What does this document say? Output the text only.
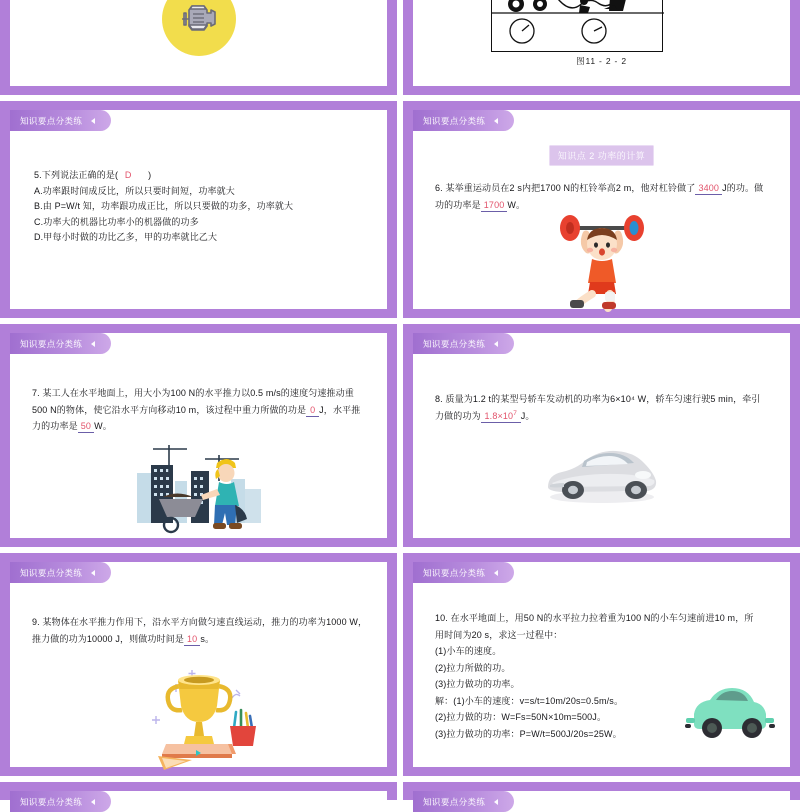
图11 - 2 - 2
知识要点分类练

5.下列说法正确的是( D )

A.功率跟时间成反比，所以只要时间短，功率就大

B.由 P=W/t 知，功率跟功成正比，所以只要做的功多，功率就大

C.功率大的机器比功率小的机器做的功多

D.甲每小时做的功比乙多，甲的功率就比乙大

知识要点分类练
知识点 2 功率的计算

6. 某举重运动员在2 s内把1700 N的杠铃举高2 m，他对杠铃做了 3400 J的功。做

功的功率是 1700 W。

知识要点分类练

7. 某工人在水平地面上，用大小为100 N的水平推力以0.5 m/s的速度匀速推动重

500 N的物体，使它沿水平方向移动10 m，该过程中重力所做的功是 0 J，水平推

力的功率是 50 W。

知识要点分类练

8. 质量为1.2 t的某型号轿车发动机的功率为6×10⁴ W，轿车匀速行驶5 min，牵引

力做的功为 $1.8\times 10^7$ J。

知识要点分类练

9. 某物体在水平推力作用下，沿水平方向做匀速直线运动，推力的功率为1000 W，

推力做的功为10000 J，则做功时间是 10 s。

知识要点分类练

10. 在水平地面上，用50 N的水平拉力拉着重为100 N的小车匀速前进10 m，所

用时间为20 s，求这一过程中：

(1)小车的速度。

(2)拉力所做的功。

(3)拉力做功的功率。

解：(1)小车的速度：v=s/t=10m/20s=0.5m/s。

(2)拉力做的功：W=Fs=50N×10m=500J。

(3)拉力做功的功率：P=W/t=500J/20s=25W。

知识要点分类练	知识要点分类练
